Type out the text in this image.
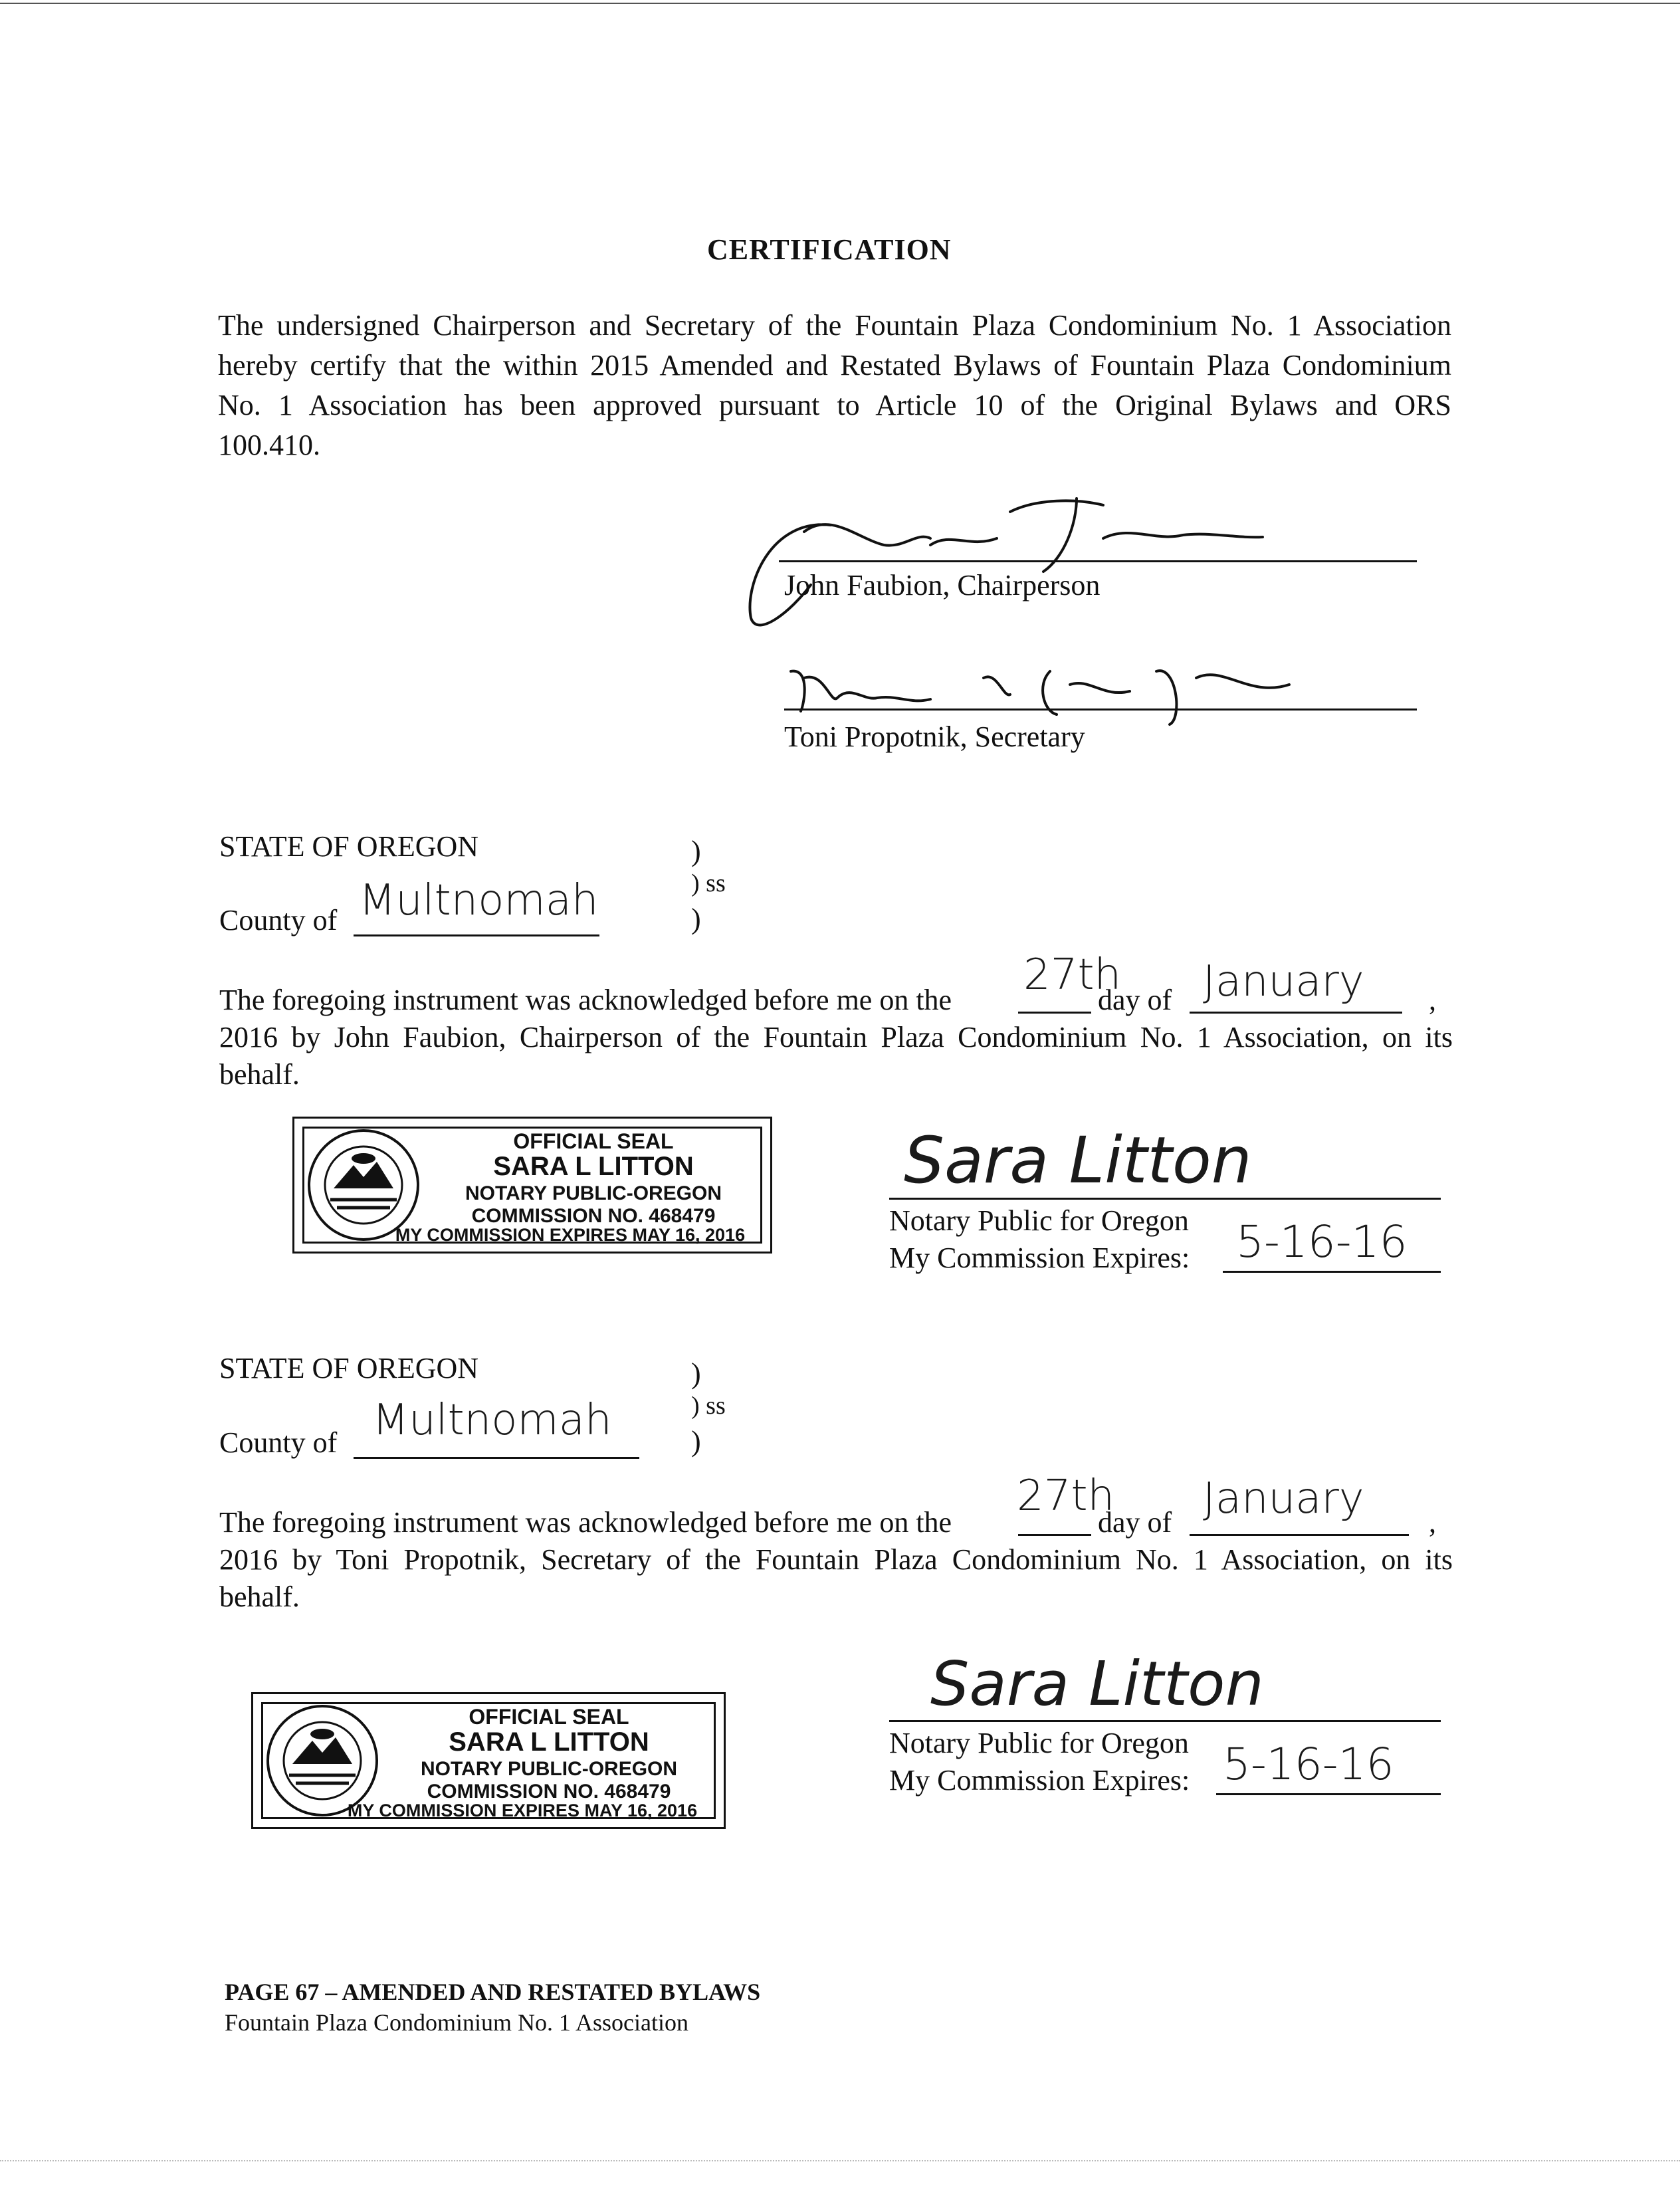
CERTIFICATION
The undersigned Chairperson and Secretary of the Fountain Plaza Condominium No. 1 Association
hereby certify that the within 2015 Amended and Restated Bylaws of Fountain Plaza Condominium
No. 1 Association has been approved pursuant to Article 10 of the Original Bylaws and ORS
100.410.
John Faubion, Chairperson
Toni Propotnik, Secretary
STATE OF OREGON	)
) ss
)
County of Multnomah
The foregoing instrument was acknowledged before me on the
27th
day of January ,
2016 by John Faubion, Chairperson of the Fountain Plaza Condominium No. 1 Association, on its
behalf.
OFFICIAL SEAL
SARA L LITTON
NOTARY PUBLIC-OREGON
COMMISSION NO. 468479
MY COMMISSION EXPIRES MAY 16, 2016
Sara Litton
Notary Public for Oregon
My Commission Expires: 5-16-16
STATE OF OREGON	)
) ss
)
County of Multnomah
The foregoing instrument was acknowledged before me on the
27th
day of January ,
2016 by Toni Propotnik, Secretary of the Fountain Plaza Condominium No. 1 Association, on its
behalf.
OFFICIAL SEAL
SARA L LITTON
NOTARY PUBLIC-OREGON
COMMISSION NO. 468479
MY COMMISSION EXPIRES MAY 16, 2016
Sara Litton
Notary Public for Oregon
My Commission Expires: 5-16-16
PAGE 67 – AMENDED AND RESTATED BYLAWS
Fountain Plaza Condominium No. 1 Association
